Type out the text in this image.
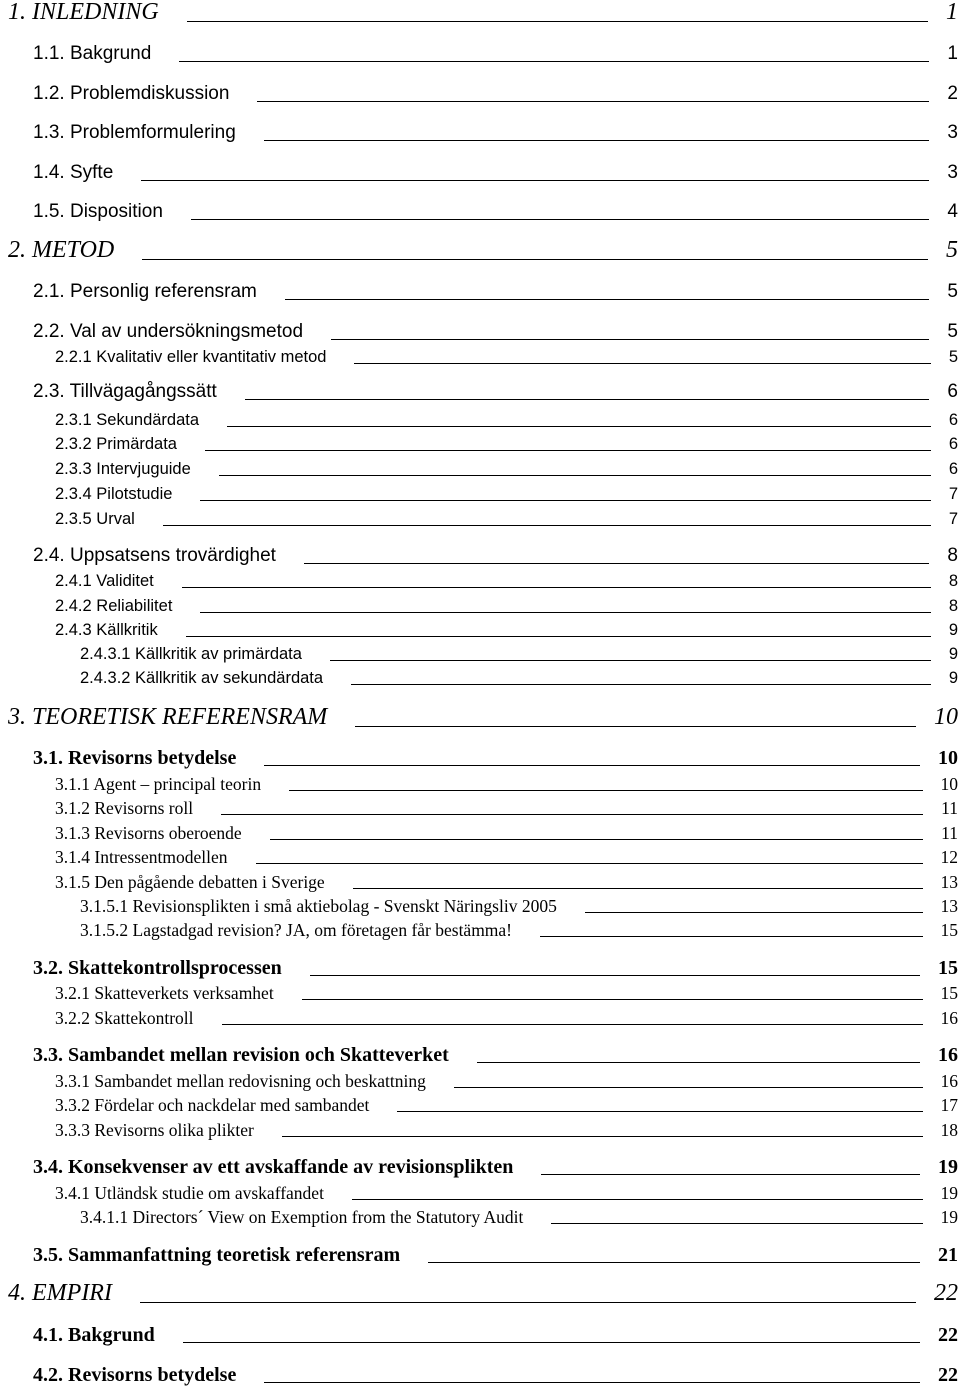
1. INLEDNING	1
1.1. Bakgrund	1
1.2. Problemdiskussion	2
1.3. Problemformulering	3
1.4. Syfte	3
1.5. Disposition	4
2. METOD	5
2.1. Personlig referensram	5
2.2. Val av undersökningsmetod	5
2.2.1 Kvalitativ eller kvantitativ metod	5
2.3. Tillvägagångssätt	6
2.3.1 Sekundärdata	6
2.3.2 Primärdata	6
2.3.3 Intervjuguide	6
2.3.4 Pilotstudie	7
2.3.5 Urval	7
2.4. Uppsatsens trovärdighet	8
2.4.1 Validitet	8
2.4.2 Reliabilitet	8
2.4.3 Källkritik	9
2.4.3.1 Källkritik av primärdata	9
2.4.3.2 Källkritik av sekundärdata	9
3. TEORETISK REFERENSRAM	10
3.1. Revisorns betydelse	10
3.1.1 Agent – principal teorin	10
3.1.2 Revisorns roll	11
3.1.3 Revisorns oberoende	11
3.1.4 Intressentmodellen	12
3.1.5 Den pågående debatten i Sverige	13
3.1.5.1 Revisionsplikten i små aktiebolag - Svenskt Näringsliv 2005	13
3.1.5.2 Lagstadgad revision? JA, om företagen får bestämma!	15
3.2. Skattekontrollsprocessen	15
3.2.1 Skatteverkets verksamhet	15
3.2.2 Skattekontroll	16
3.3. Sambandet mellan revision och Skatteverket	16
3.3.1 Sambandet mellan redovisning och beskattning	16
3.3.2 Fördelar och nackdelar med sambandet	17
3.3.3 Revisorns olika plikter	18
3.4. Konsekvenser av ett avskaffande av revisionsplikten	19
3.4.1 Utländsk studie om avskaffandet	19
3.4.1.1 Directors´ View on Exemption from the Statutory Audit	19
3.5. Sammanfattning teoretisk referensram	21
4. EMPIRI	22
4.1. Bakgrund	22
4.2. Revisorns betydelse	22
